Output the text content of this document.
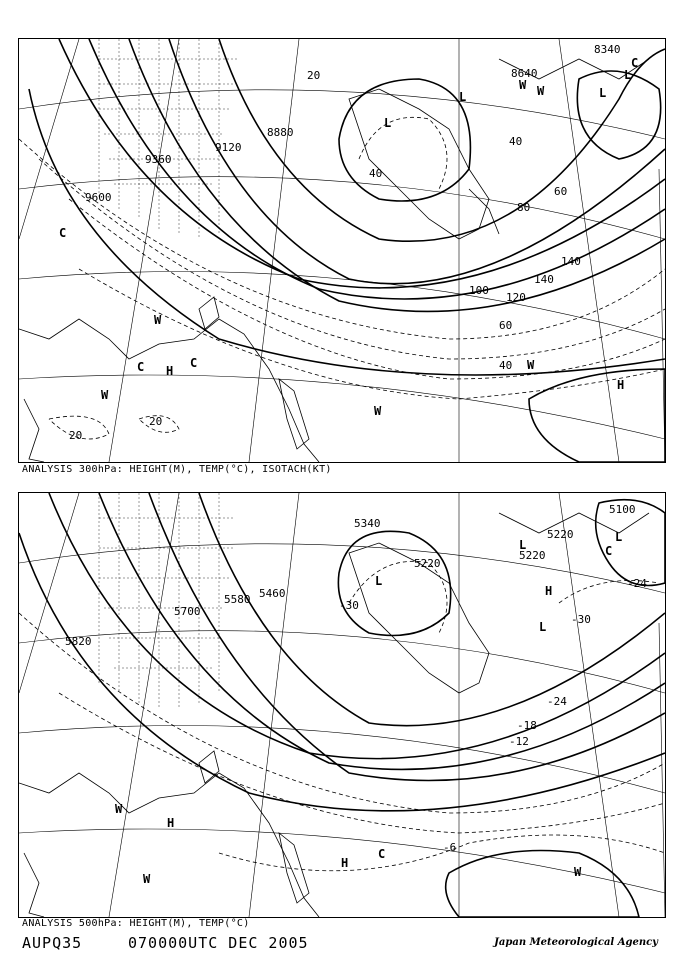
8340
8640
8880
9120
9360
9600
20
20
20
40
40
40
60
60
80
100
120
140
140
L
L	L
L
W
W
W
W
W
W
C	C
H
H
C
C
ANALYSIS 300hPa: HEIGHT(M), TEMP(°C), ISOTACH(KT)
5100
5220
5220
5220
5340
5460
5580
5700
5820
-30
-30
-24
-18
-12
-6
-24
L
L
L
H
L
W
H
W
H
C
W
C
ANALYSIS 500hPa: HEIGHT(M), TEMP(°C)
AUPQ35	070000UTC DEC 2005	Japan Meteorological Agency
